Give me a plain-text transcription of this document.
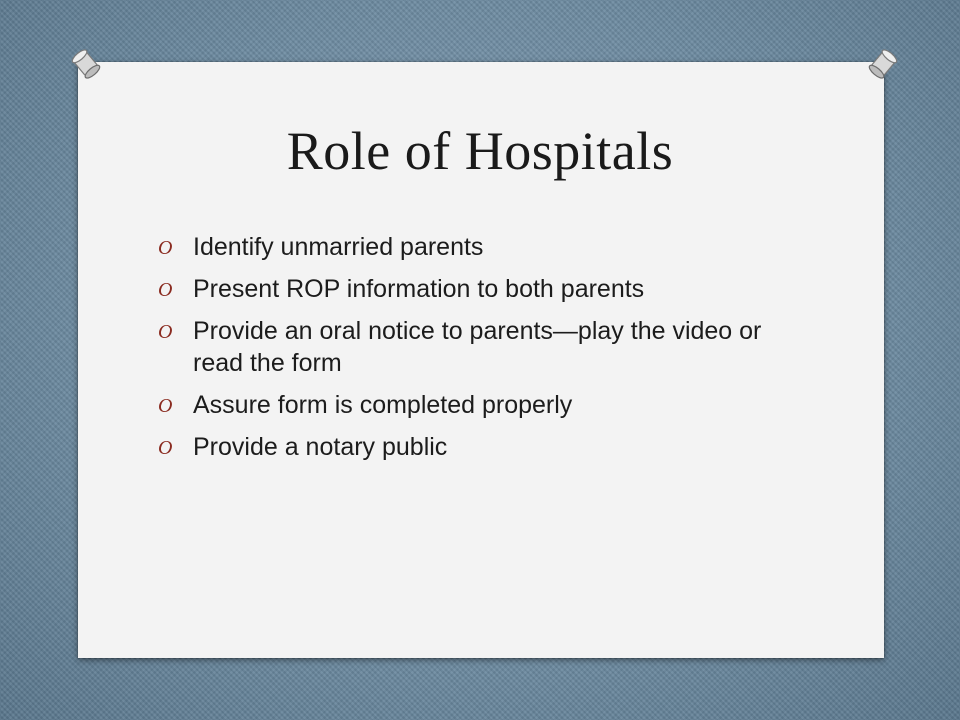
Role of Hospitals
O Identify unmarried parents
O Present ROP information to both parents
O Provide an oral notice to parents—play the video or read the form
O Assure form is completed properly
O Provide a notary public
